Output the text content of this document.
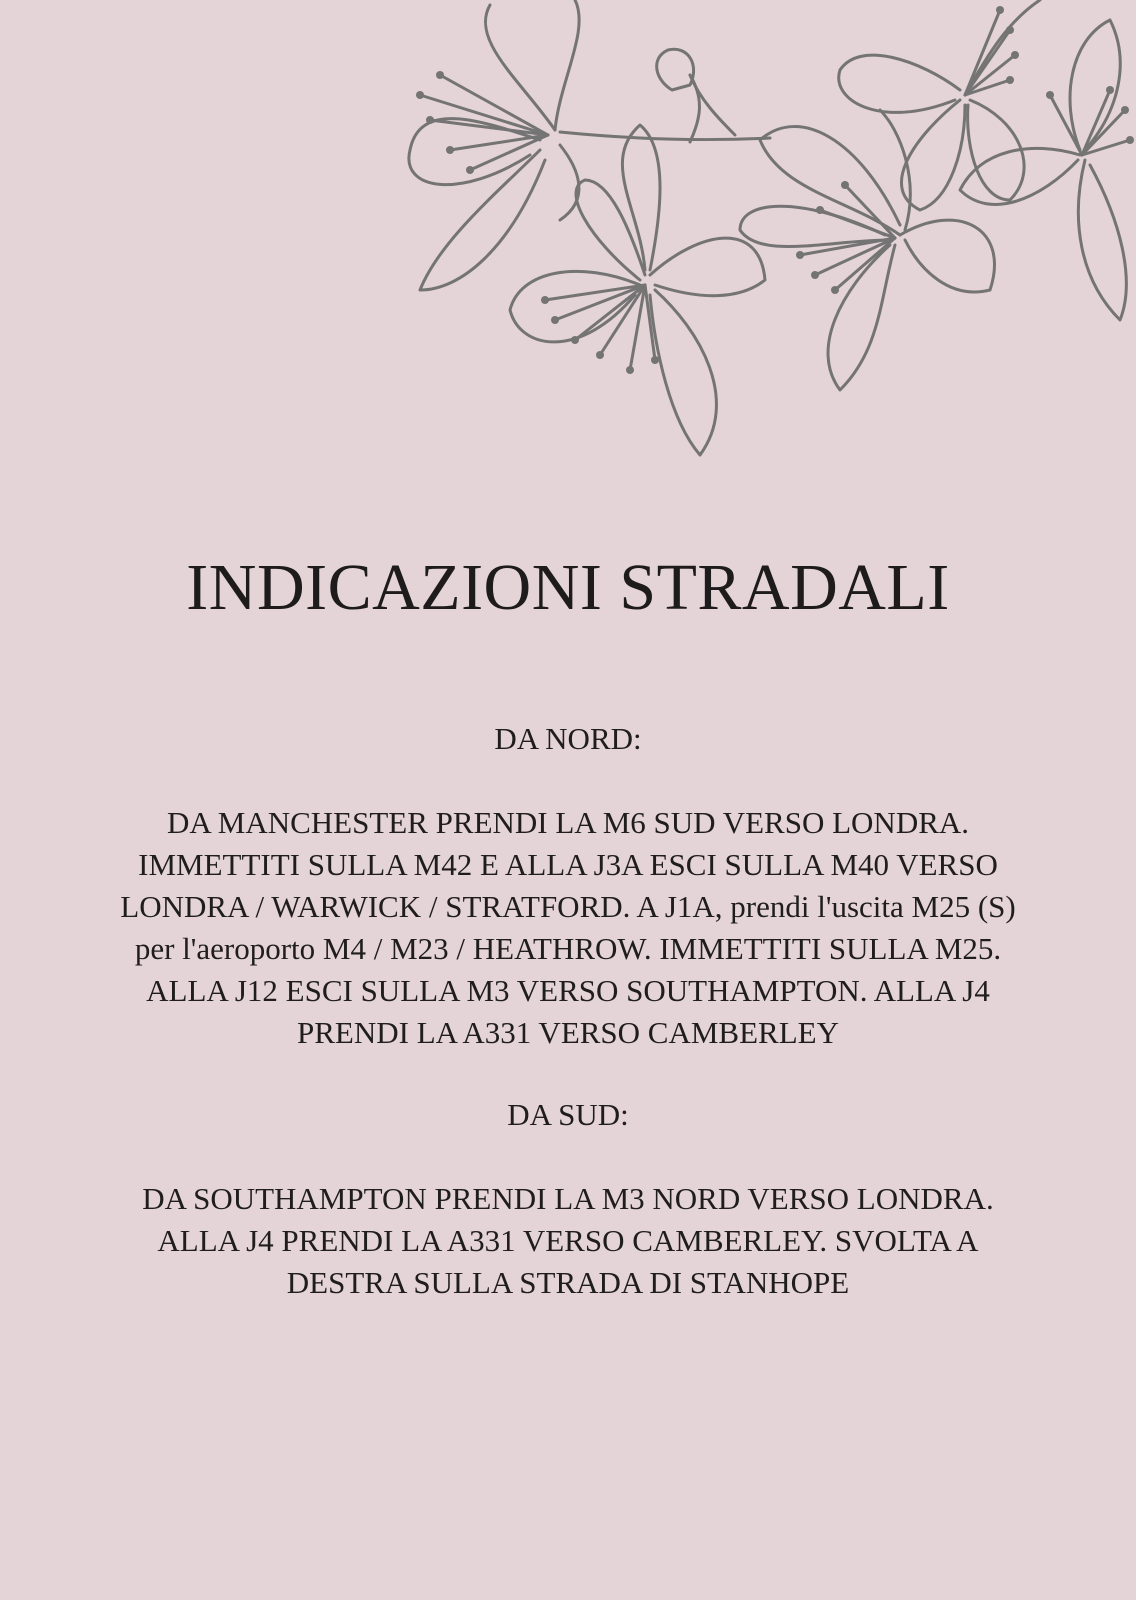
INDICAZIONI STRADALI
DA NORD:
DA MANCHESTER PRENDI LA M6 SUD VERSO LONDRA. IMMETTITI SULLA M42 E ALLA J3A ESCI SULLA M40 VERSO LONDRA / WARWICK / STRATFORD. A J1A, prendi l'uscita M25 (S) per l'aeroporto M4 / M23 / HEATHROW. IMMETTITI SULLA M25. ALLA J12 ESCI SULLA M3 VERSO SOUTHAMPTON. ALLA J4 PRENDI LA A331 VERSO CAMBERLEY
DA SUD:
DA SOUTHAMPTON PRENDI LA M3 NORD VERSO LONDRA. ALLA J4 PRENDI LA A331 VERSO CAMBERLEY. SVOLTA A DESTRA SULLA STRADA DI STANHOPE
